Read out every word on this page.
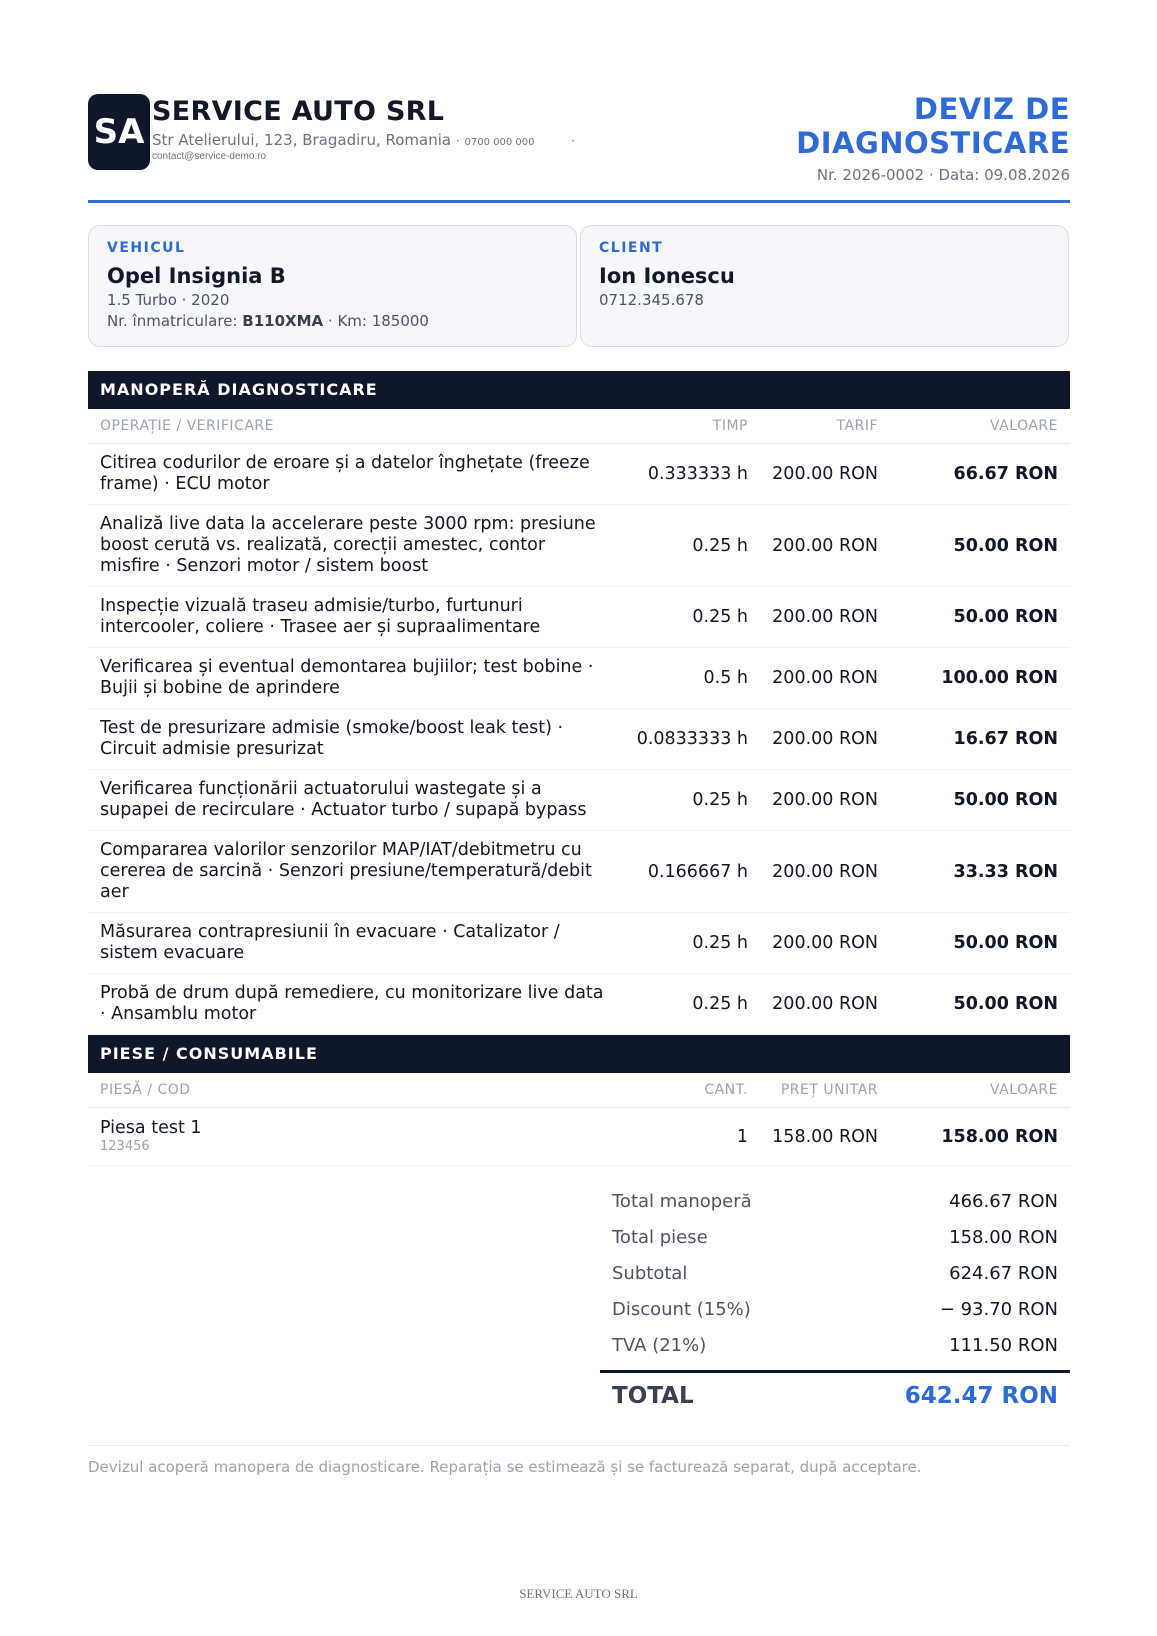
SA
SERVICE AUTO SRL
Str Atelierului, 123, Bragadiru, Romania · 0700 000 000	·
contact@service-demo.ro
DEVIZ DE
DIAGNOSTICARE
Nr. 2026-0002 · Data: 09.08.2026
VEHICUL
Opel Insignia B
1.5 Turbo · 2020
Nr. înmatriculare: B110XMA · Km: 185000
CLIENT
Ion Ionescu
0712.345.678
MANOPERĂ DIAGNOSTICARE
OPERAȚIE / VERIFICARE	TIMP	TARIF	VALOARE
Citirea codurilor de eroare și a datelor înghețate (freeze frame) · ECU motor	0.333333 h	200.00 RON	66.67 RON
Analiză live data la accelerare peste 3000 rpm: presiune boost cerută vs. realizată, corecții amestec, contor misfire · Senzori motor / sistem boost	0.25 h	200.00 RON	50.00 RON
Inspecție vizuală traseu admisie/turbo, furtunuri intercooler, coliere · Trasee aer și supraalimentare	0.25 h	200.00 RON	50.00 RON
Verificarea și eventual demontarea bujiilor; test bobine · Bujii și bobine de aprindere	0.5 h	200.00 RON	100.00 RON
Test de presurizare admisie (smoke/boost leak test) · Circuit admisie presurizat	0.0833333 h	200.00 RON	16.67 RON
Verificarea funcționării actuatorului wastegate și a supapei de recirculare · Actuator turbo / supapă bypass	0.25 h	200.00 RON	50.00 RON
Compararea valorilor senzorilor MAP/IAT/debitmetru cu cererea de sarcină · Senzori presiune/temperatură/debit aer	0.166667 h	200.00 RON	33.33 RON
Măsurarea contrapresiunii în evacuare · Catalizator / sistem evacuare	0.25 h	200.00 RON	50.00 RON
Probă de drum după remediere, cu monitorizare live data · Ansamblu motor	0.25 h	200.00 RON	50.00 RON
PIESE / CONSUMABILE
PIESĂ / COD	CANT.	PREȚ UNITAR	VALOARE

Piesa test 1
123456	1	158.00 RON	158.00 RON
Total manoperă	466.67 RON
Total piese	158.00 RON
Subtotal	624.67 RON
Discount (15%)	− 93.70 RON
TVA (21%)	111.50 RON
TOTAL	642.47 RON
Devizul acoperă manopera de diagnosticare. Reparația se estimează și se facturează separat, după acceptare.
SERVICE AUTO SRL
